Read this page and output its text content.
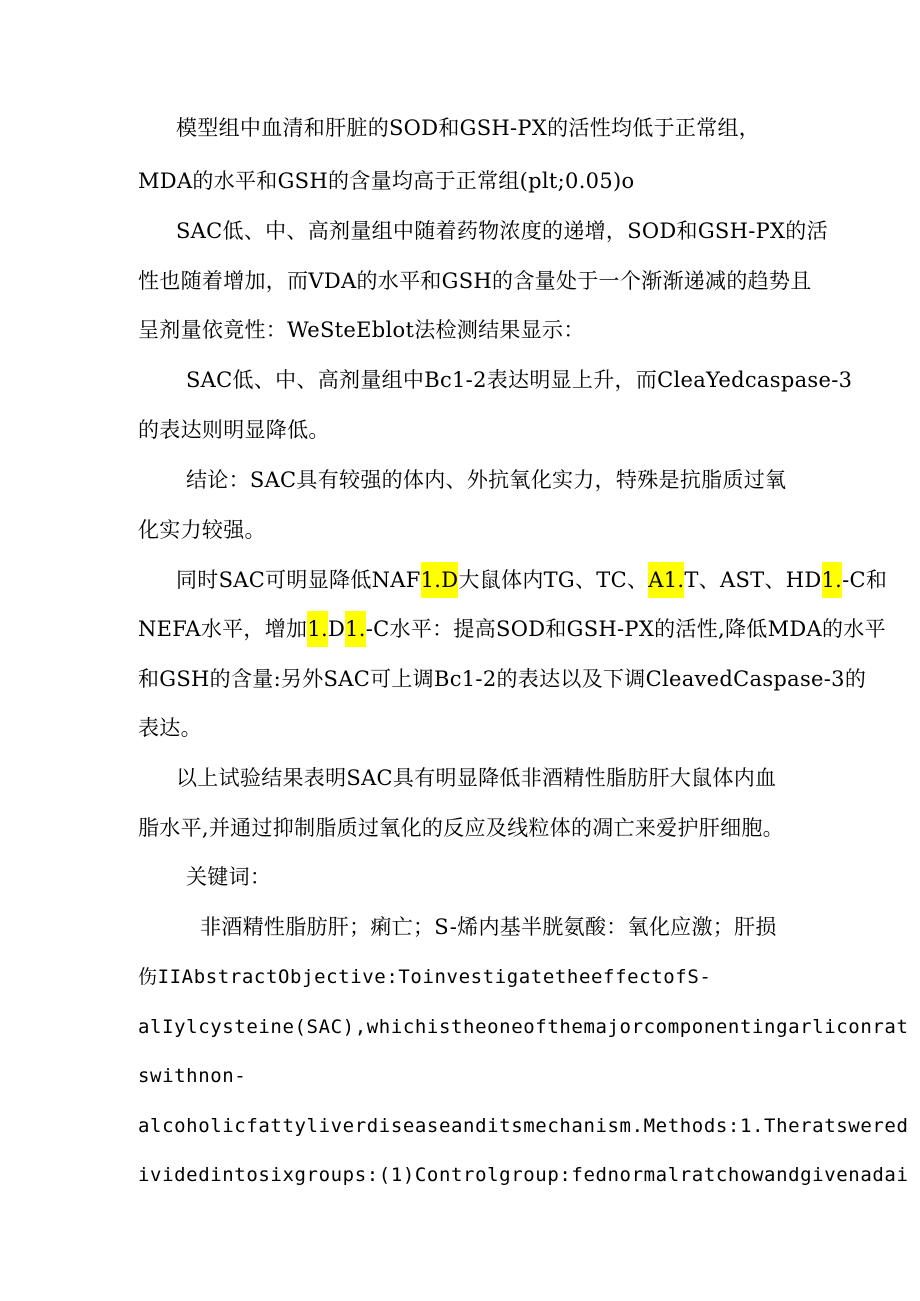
模型组中血清和肝脏的SOD和GSH-PX的活性均低于正常组，
MDA的水平和GSH的含量均高于正常组(plt;0.05)o
SAC低、中、高剂量组中随着药物浓度的递增，SOD和GSH-PX的活
性也随着增加，而VDA的水平和GSH的含量处于一个渐渐递减的趋势且
呈剂量依竟性：WeSteEblot法检测结果显示：
SAC低、中、高剂量组中Bc1-2表达明显上升，而CleaYedcaspase-3
的表达则明显降低。
结论：SAC具有较强的体内、外抗氧化实力，特殊是抗脂质过氧
化实力较强。
同时SAC可明显降低NAF1.D大鼠体内TG、TC、A1.T、AST、HD1.-C和
NEFA水平，增加1.D1.-C水平：提高SOD和GSH-PX的活性,降低MDA的水平
和GSH的含量:另外SAC可上调Bc1-2的表达以及下调CleavedCaspase-3的
表达。
以上试验结果表明SAC具有明显降低非酒精性脂肪肝大鼠体内血
脂水平,并通过抑制脂质过氧化的反应及线粒体的凋亡来爱护肝细胞。
关键词：
非酒精性脂肪肝；痢亡；S-烯内基半胱氨酸：氧化应激；肝损
伤IIAbstractObjective:ToinvestigatetheeffectofS-
alIylcysteine(SAC),whichistheoneofthemajorcomponentingarliconrat
swithnon-
alcoholicfattyliverdiseaseanditsmechanism.Methods:1.Theratswered
ividedintosixgroups:(1)Controlgroup:fednormalratchowandgivenadai
